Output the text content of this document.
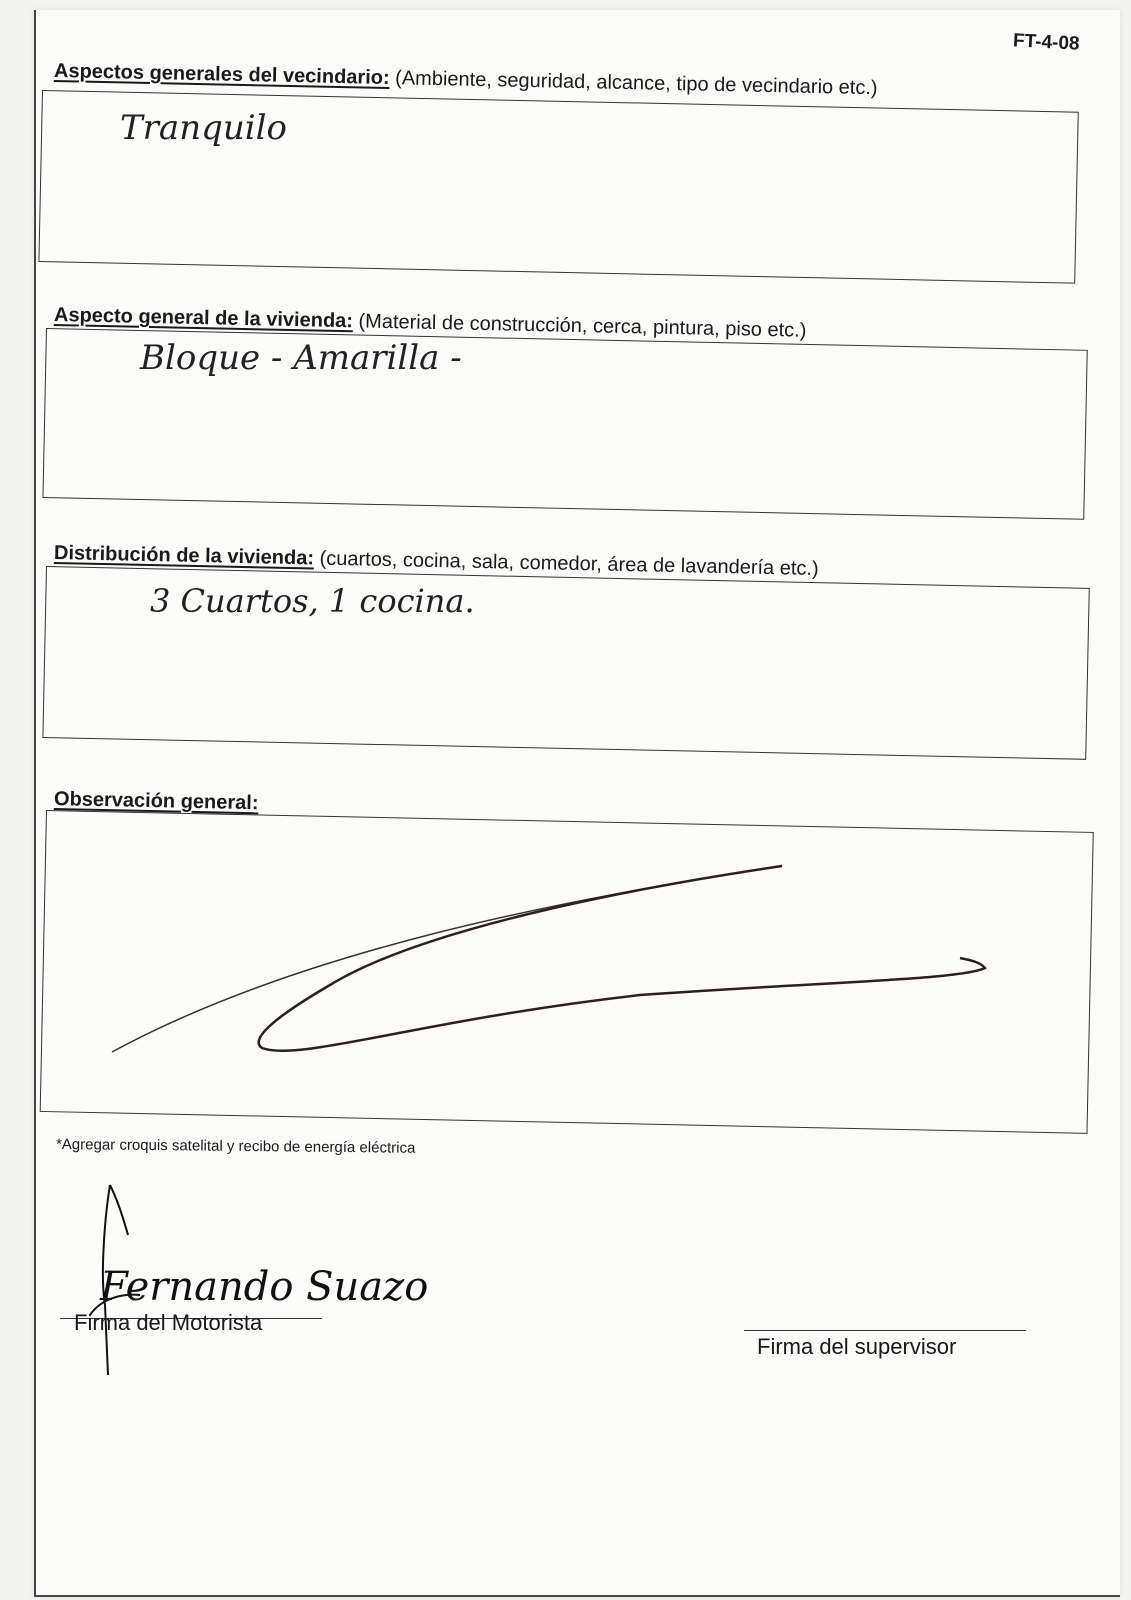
FT-4-08
Aspectos generales del vecindario: (Ambiente, seguridad, alcance, tipo de vecindario etc.)
Tranquilo
Aspecto general de la vivienda: (Material de construcción, cerca, pintura, piso etc.)
Bloque - Amarilla -
Distribución de la vivienda: (cuartos, cocina, sala, comedor, área de lavandería etc.)
3 Cuartos, 1 cocina.
Observación general:
*Agregar croquis satelital y recibo de energía eléctrica
Fernando Suazo
Firma del Motorista
Firma del supervisor
